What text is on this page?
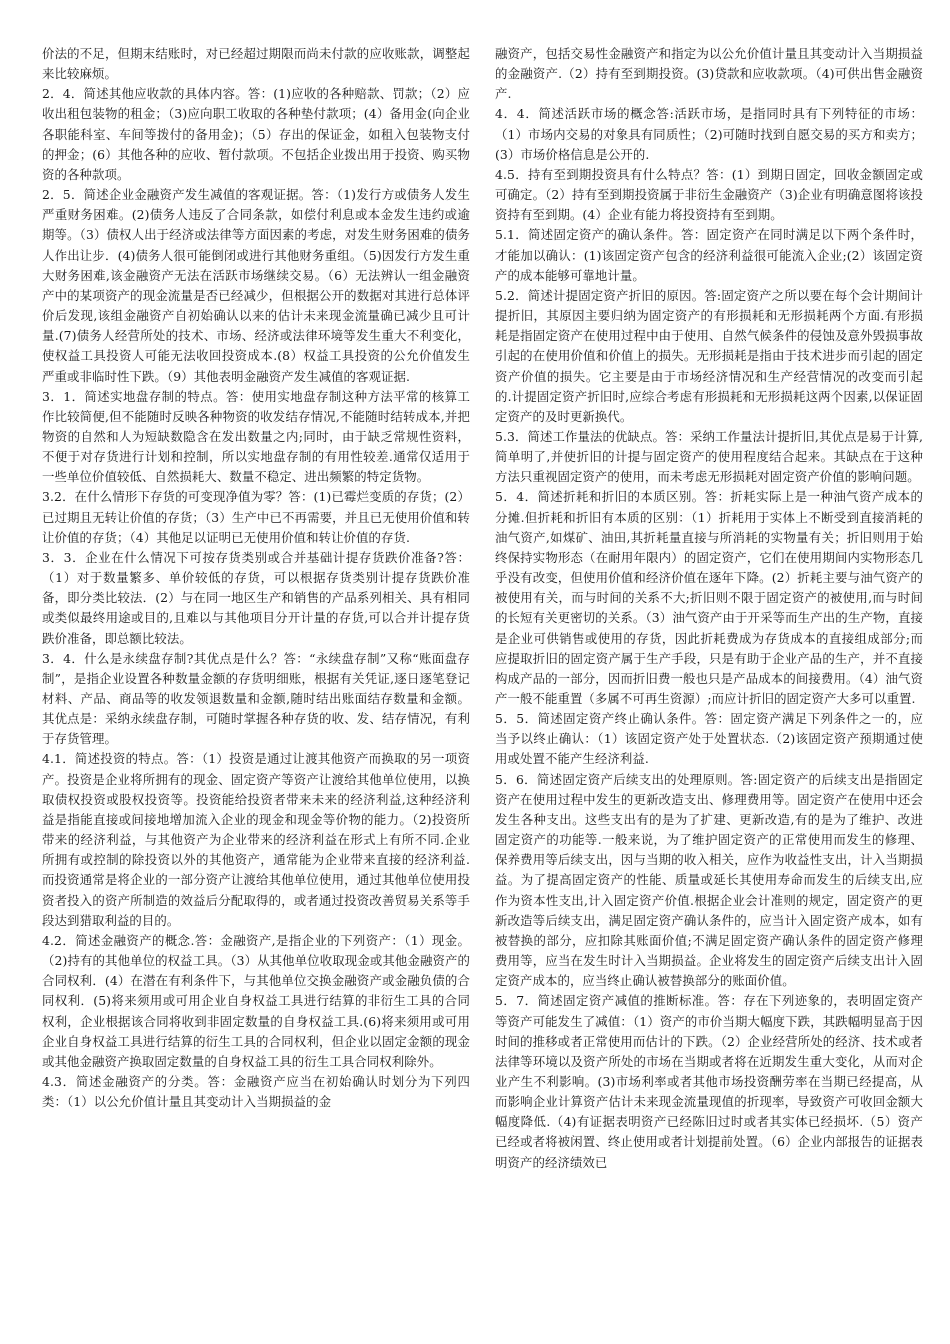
价法的不足，但期末结账时，对已经超过期限而尚未付款的应收账款，调整起来比较麻烦。

2．4．简述其他应收款的具体内容。答：(1)应收的各种赔款、罚款；（2）应收出租包装物的租金；（3)应向职工收取的各种垫付款项；(4）备用金(向企业各职能科室、车间等拨付的备用金)；（5）存出的保证金，如租入包装物支付的押金；(6）其他各种的应收、暂付款项。不包括企业拨出用于投资、购买物资的各种款项。

2．5．简述企业金融资产发生减值的客观证据。答：（1)发行方或债务人发生严重财务困难。(2)债务人违反了合同条款，如偿付利息或本金发生违约或逾期等。（3）债权人出于经济或法律等方面因素的考虑，对发生财务困难的债务人作出让步．(4)债务人很可能倒闭或进行其他财务重组。（5)因发行方发生重大财务困难,该金融资产无法在活跃市场继续交易。（6）无法辨认一组金融资产中的某项资产的现金流量是否已经减少，但根据公开的数据对其进行总体评价后发现,该组金融资产自初始确认以来的估计未来现金流量确已减少且可计量.(7)债务人经营所处的技术、市场、经济或法律环境等发生重大不利变化，使权益工具投资人可能无法收回投资成本.(8）权益工具投资的公允价值发生严重或非临时性下跌。（9）其他表明金融资产发生减值的客观证据.

3．1．简述实地盘存制的特点。答：使用实地盘存制这种方法平常的核算工作比较简便,但不能随时反映各种物资的收发结存情况,不能随时结转成本,并把物资的自然和人为短缺数隐含在发出数量之内;同时，由于缺乏常规性资料，不便于对存货进行计划和控制，所以实地盘存制的有用性较差.通常仅适用于一些单位价值较低、自然损耗大、数量不稳定、进出频繁的特定货物。

3.2．在什么情形下存货的可变现净值为零？答：(1)已霉烂变质的存货；(2）已过期且无转让价值的存货；（3）生产中已不再需要，并且已无使用价值和转让价值的存货；（4）其他足以证明已无使用价值和转让价值的存货.

3．3．企业在什么情况下可按存货类别或合并基础计提存货跌价准备?答：（1）对于数量繁多、单价较低的存货，可以根据存货类别计提存货跌价准备，即分类比较法．(2）与在同一地区生产和销售的产品系列相关、具有相同或类似最终用途或目的,且难以与其他项目分开计量的存货,可以合并计提存货跌价准备，即总额比较法。

3．4．什么是永续盘存制?其优点是什么？答：“永续盘存制”又称“账面盘存制”，是指企业设置各种数量金额的存货明细账，根据有关凭证,逐日逐笔登记材料、产品、商品等的收发领退数量和金额,随时结出账面结存数量和金额。其优点是：采纳永续盘存制，可随时掌握各种存货的收、发、结存情况，有利于存货管理。

4.1．简述投资的特点。答：（1）投资是通过让渡其他资产而换取的另一项资产。投资是企业将所拥有的现金、固定资产等资产让渡给其他单位使用，以换取债权投资或股权投资等。投资能给投资者带来未来的经济利益,这种经济利益是指能直接或间接地增加流入企业的现金和现金等价物的能力。（2)投资所带来的经济利益，与其他资产为企业带来的经济利益在形式上有所不同.企业所拥有或控制的除投资以外的其他资产，通常能为企业带来直接的经济利益.而投资通常是将企业的一部分资产让渡给其他单位使用，通过其他单位使用投资者投入的资产所制造的效益后分配取得的，或者通过投资改善贸易关系等手段达到猎取利益的目的。

4.2．简述金融资产的概念.答：金融资产,是指企业的下列资产：（1）现金。（2)持有的其他单位的权益工具。（3）从其他单位收取现金或其他金融资产的合同权利．(4）在潜在有利条件下，与其他单位交换金融资产或金融负债的合同权利．(5)将来须用或可用企业自身权益工具进行结算的非衍生工具的合同权利，企业根据该合同将收到非固定数量的自身权益工具.(6)将来须用或可用企业自身权益工具进行结算的衍生工具的合同权利，但企业以固定金额的现金或其他金融资产换取固定数量的自身权益工具的衍生工具合同权利除外。

4.3．简述金融资产的分类。答：金融资产应当在初始确认时划分为下列四类：（1）以公允价值计量且其变动计入当期损益的金

融资产，包括交易性金融资产和指定为以公允价值计量且其变动计入当期损益的金融资产.（2）持有至到期投资。(3)贷款和应收款项。（4)可供出售金融资产.

4．4．简述活跃市场的概念答:活跃市场，是指同时具有下列特征的市场：（1）市场内交易的对象具有同质性；（2)可随时找到自愿交易的买方和卖方；(3）市场价格信息是公开的.

4.5．持有至到期投资具有什么特点？答：(1）到期日固定，回收金额固定或可确定。（2）持有至到期投资属于非衍生金融资产（3)企业有明确意图将该投资持有至到期。(4）企业有能力将投资持有至到期。

5.1．简述固定资产的确认条件。答：固定资产在同时满足以下两个条件时，才能加以确认：(1)该固定资产包含的经济利益很可能流入企业;(2）该固定资产的成本能够可靠地计量。

5.2．简述计提固定资产折旧的原因。答:固定资产之所以要在每个会计期间计提折旧，其原因主要归纳为固定资产的有形损耗和无形损耗两个方面.有形损耗是指固定资产在使用过程中由于使用、自然气候条件的侵蚀及意外毁损事故引起的在使用价值和价值上的损失。无形损耗是指由于技术进步而引起的固定资产价值的损失。它主要是由于市场经济情况和生产经营情况的改变而引起的.计提固定资产折旧时,应综合考虑有形损耗和无形损耗这两个因素,以保证固定资产的及时更新换代。

5.3．简述工作量法的优缺点。答：采纳工作量法计提折旧,其优点是易于计算,简单明了,并使折旧的计提与固定资产的使用程度结合起来。其缺点在于这种方法只重视固定资产的使用，而未考虑无形损耗对固定资产价值的影响问题。

5．4．简述折耗和折旧的本质区别。答：折耗实际上是一种油气资产成本的分摊.但折耗和折旧有本质的区别：（1）折耗用于实体上不断受到直接消耗的油气资产,如煤矿、油田,其折耗量直接与所消耗的实物量有关；折旧则用于始终保持实物形态（在耐用年限内）的固定资产，它们在使用期间内实物形态几乎没有改变，但使用价值和经济价值在逐年下降。(2）折耗主要与油气资产的被使用有关，而与时间的关系不大;折旧则不限于固定资产的被使用,而与时间的长短有关更密切的关系。（3）油气资产由于开采等而生产出的生产物，直接是企业可供销售或使用的存货，因此折耗费成为存货成本的直接组成部分;而应提取折旧的固定资产属于生产手段，只是有助于企业产品的生产，并不直接构成产品的一部分，因而折旧费一般也只是产品成本的间接费用。（4）油气资产一般不能重置（多属不可再生资源）;而应计折旧的固定资产大多可以重置.

5．5．简述固定资产终止确认条件。答：固定资产满足下列条件之一的，应当予以终止确认：（1）该固定资产处于处置状态.（2)该固定资产预期通过使用或处置不能产生经济利益.

5．6．简述固定资产后续支出的处理原则。答:固定资产的后续支出是指固定资产在使用过程中发生的更新改造支出、修理费用等。固定资产在使用中还会发生各种支出。这些支出有的是为了扩建、更新改造,有的是为了维护、改进固定资产的功能等.一般来说，为了维护固定资产的正常使用而发生的修理、保养费用等后续支出，因与当期的收入相关，应作为收益性支出，计入当期损益。为了提高固定资产的性能、质量或延长其使用寿命而发生的后续支出,应作为资本性支出,计入固定资产价值.根据企业会计准则的规定，固定资产的更新改造等后续支出，满足固定资产确认条件的，应当计入固定资产成本，如有被替换的部分，应扣除其账面价值;不满足固定资产确认条件的固定资产修理费用等，应当在发生时计入当期损益。企业将发生的固定资产后续支出计入固定资产成本的，应当终止确认被替换部分的账面价值。

5．7．简述固定资产减值的推断标准。答：存在下列迹象的，表明固定资产等资产可能发生了减值：（1）资产的市价当期大幅度下跌，其跌幅明显高于因时间的推移或者正常使用而估计的下跌。（2）企业经营所处的经济、技术或者法律等环境以及资产所处的市场在当期或者将在近期发生重大变化，从而对企业产生不利影响。(3)市场利率或者其他市场投资酬劳率在当期已经提高，从而影响企业计算资产估计未来现金流量现值的折现率，导致资产可收回金额大幅度降低.（4)有证据表明资产已经陈旧过时或者其实体已经损坏.（5）资产已经或者将被闲置、终止使用或者计划提前处置。（6）企业内部报告的证据表明资产的经济绩效已
